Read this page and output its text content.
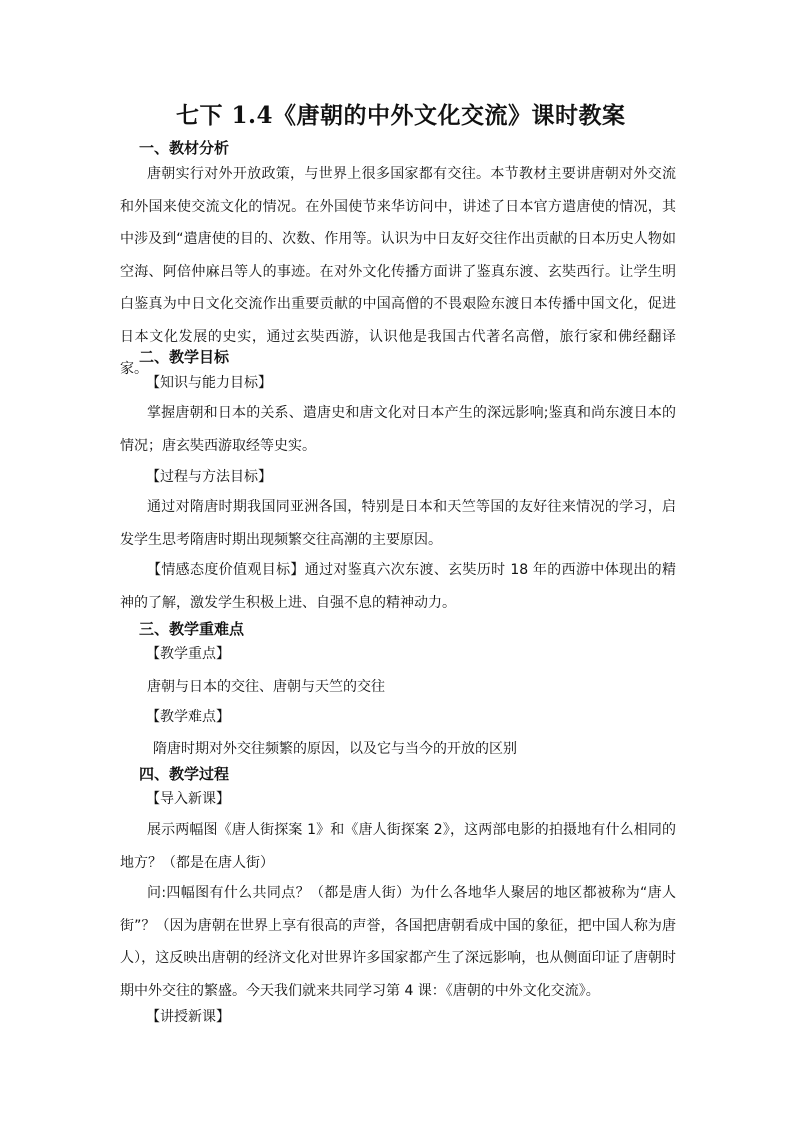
七下 1.4《唐朝的中外文化交流》课时教案
一、教材分析
唐朝实行对外开放政策，与世界上很多国家都有交往。本节教材主要讲唐朝对外交流和外国来使交流文化的情况。在外国使节来华访问中，讲述了日本官方遣唐使的情况，其中涉及到“遣唐使的目的、次数、作用等。认识为中日友好交往作出贡献的日本历史人物如空海、阿倍仲麻吕等人的事迹。在对外文化传播方面讲了鉴真东渡、玄奘西行。让学生明白鉴真为中日文化交流作出重要贡献的中国高僧的不畏艰险东渡日本传播中国文化，促进日本文化发展的史实，通过玄奘西游，认识他是我国古代著名高僧，旅行家和佛经翻译家。
二、教学目标
【知识与能力目标】
掌握唐朝和日本的关系、遣唐史和唐文化对日本产生的深远影响;鉴真和尚东渡日本的情况；唐玄奘西游取经等史实。
【过程与方法目标】
通过对隋唐时期我国同亚洲各国，特别是日本和天竺等国的友好往来情况的学习，启发学生思考隋唐时期出现频繁交往高潮的主要原因。
【情感态度价值观目标】通过对鉴真六次东渡、玄奘历时 18 年的西游中体现出的精神的了解，激发学生积极上进、自强不息的精神动力。
三、教学重难点
【教学重点】
唐朝与日本的交往、唐朝与天竺的交往
【教学难点】
隋唐时期对外交往频繁的原因，以及它与当今的开放的区别
四、教学过程
【导入新课】
展示两幅图《唐人街探案 1》和《唐人街探案 2》，这两部电影的拍摄地有什么相同的地方？（都是在唐人街）
问:四幅图有什么共同点？（都是唐人街）为什么各地华人聚居的地区都被称为“唐人街”？（因为唐朝在世界上享有很高的声誉，各国把唐朝看成中国的象征，把中国人称为唐人），这反映出唐朝的经济文化对世界许多国家都产生了深远影响，也从侧面印证了唐朝时期中外交往的繁盛。今天我们就来共同学习第 4 课：《唐朝的中外文化交流》。
【讲授新课】
